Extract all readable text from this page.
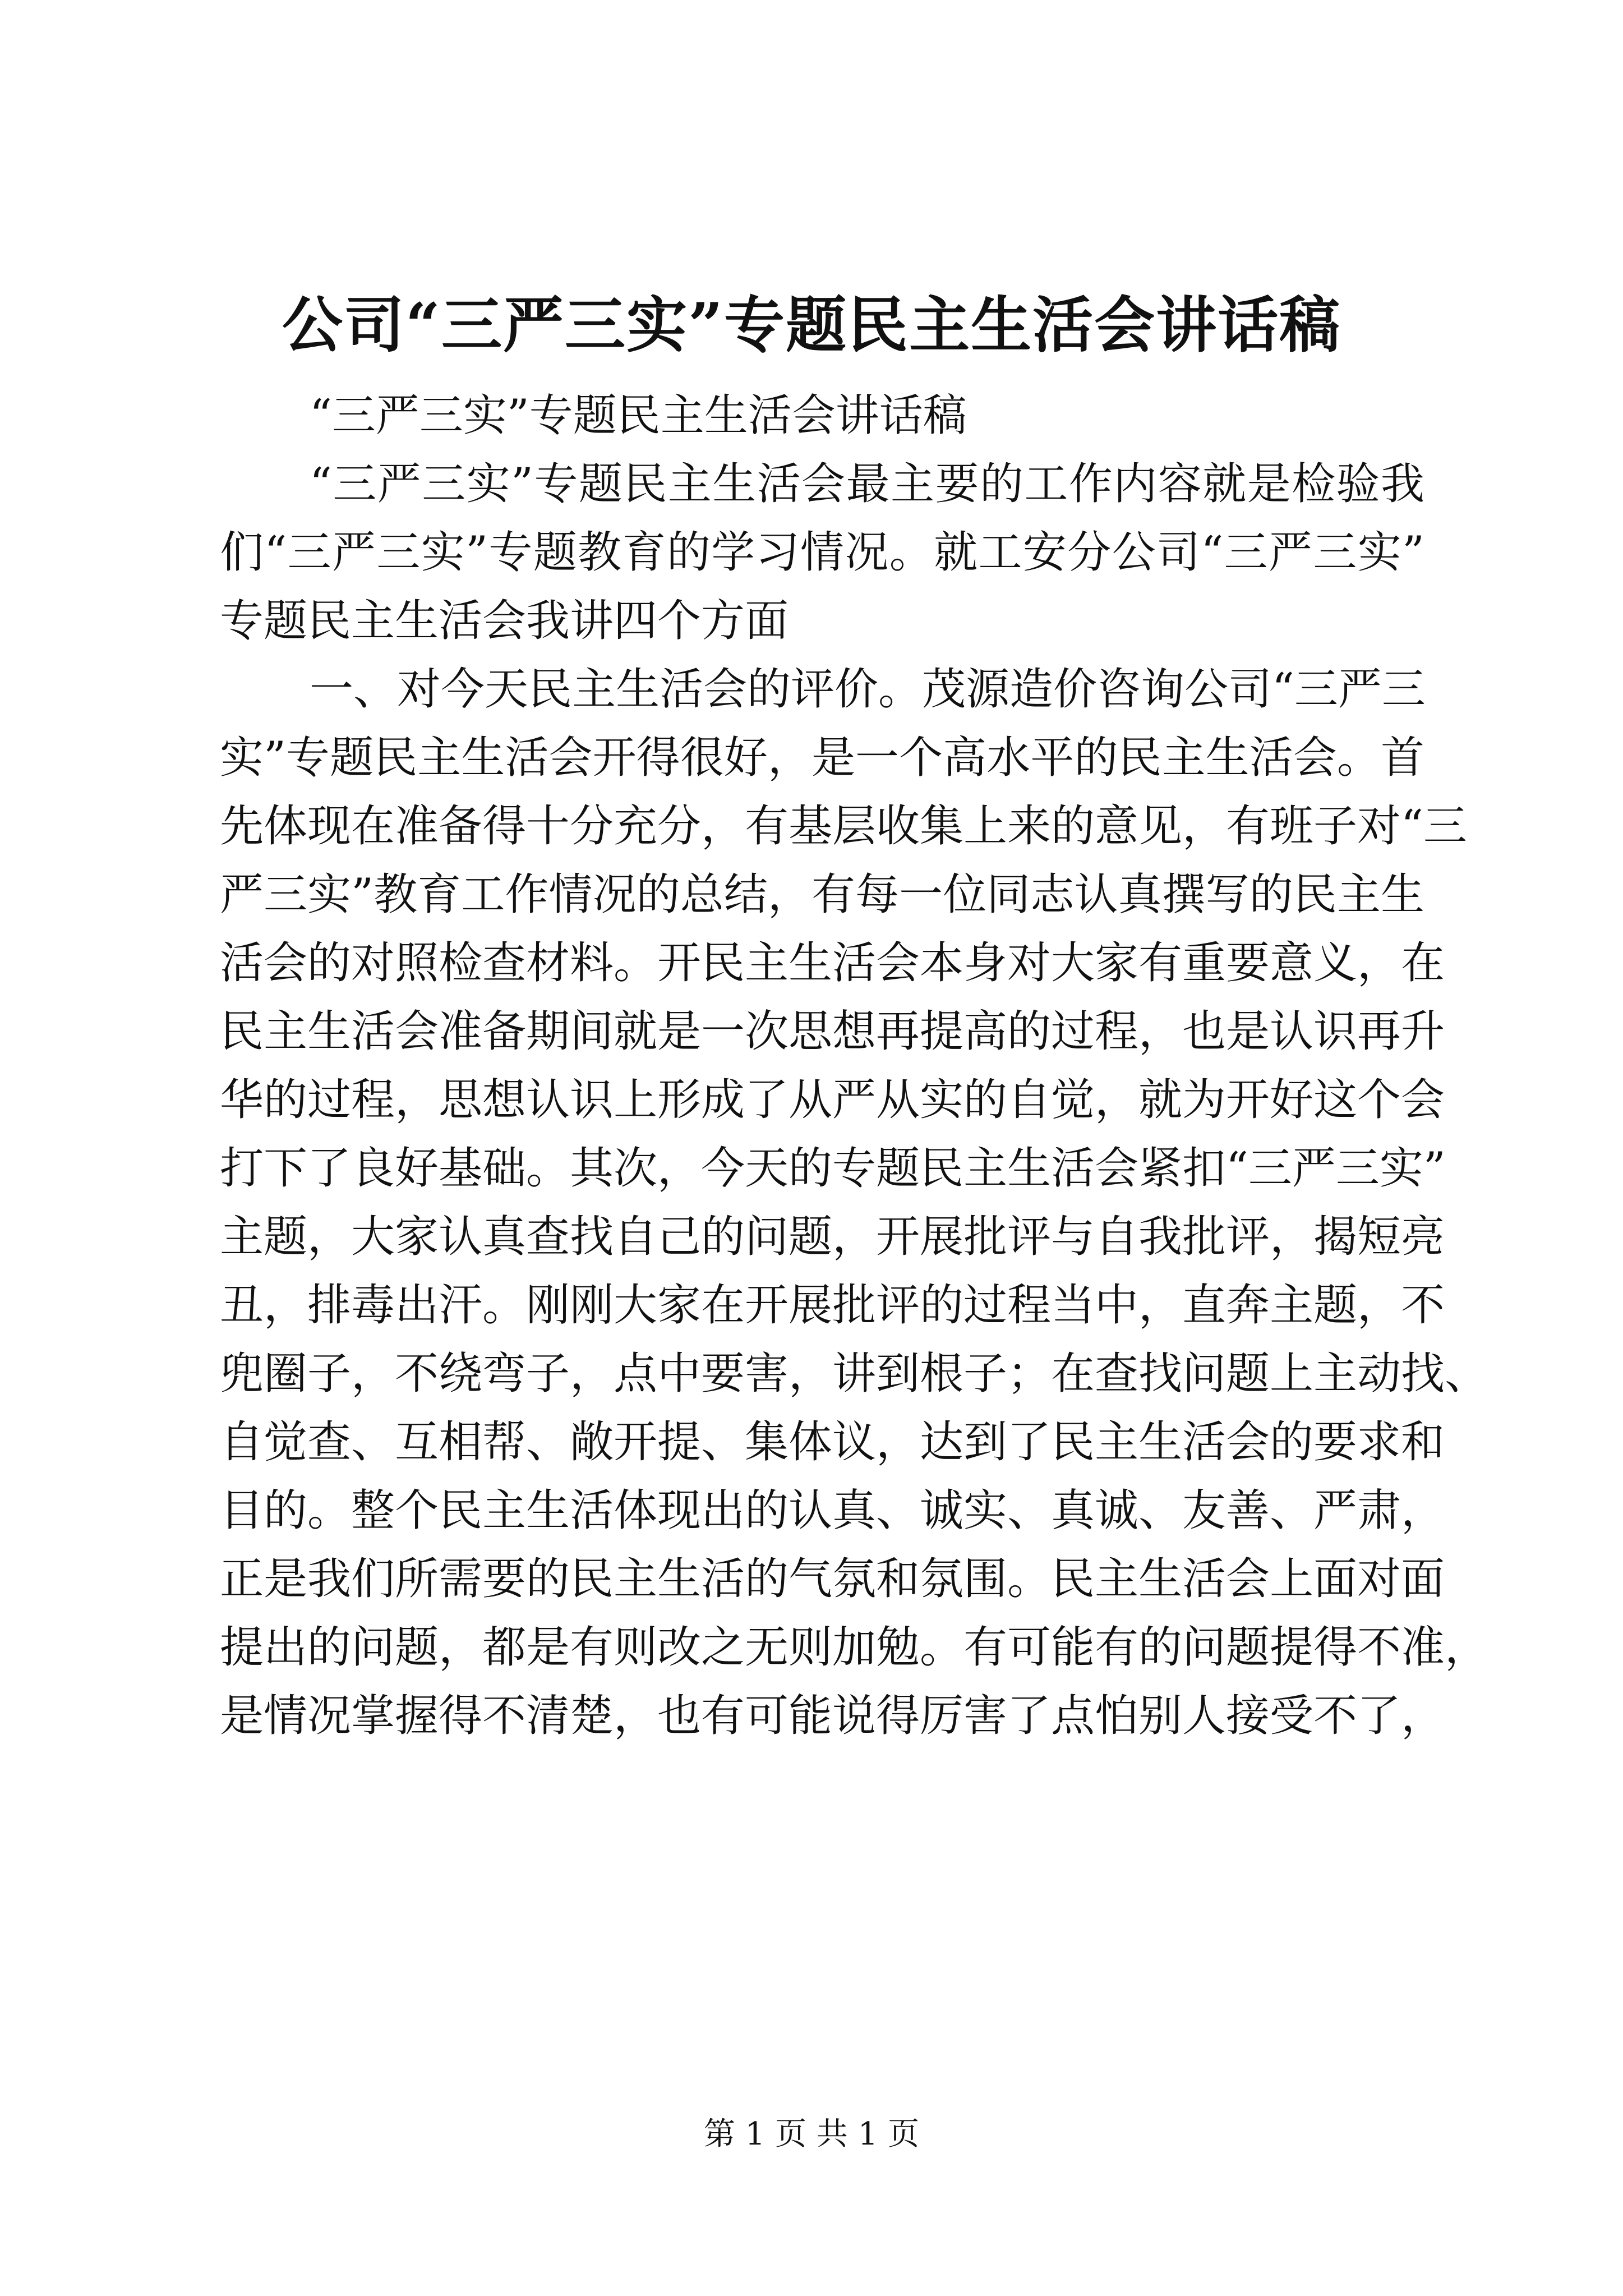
公司“三严三实”专题民主生活会讲话稿
“三严三实”专题民主生活会讲话稿
“三严三实”专题民主生活会最主要的工作内容就是检验我
们“三严三实”专题教育的学习情况。就工安分公司“三严三实”
专题民主生活会我讲四个方面
一、对今天民主生活会的评价。茂源造价咨询公司“三严三
实”专题民主生活会开得很好，是一个高水平的民主生活会。首
先体现在准备得十分充分，有基层收集上来的意见，有班子对“三
严三实”教育工作情况的总结，有每一位同志认真撰写的民主生
活会的对照检查材料。开民主生活会本身对大家有重要意义，在
民主生活会准备期间就是一次思想再提高的过程，也是认识再升
华的过程，思想认识上形成了从严从实的自觉，就为开好这个会
打下了良好基础。其次，今天的专题民主生活会紧扣“三严三实”
主题，大家认真查找自己的问题，开展批评与自我批评，揭短亮
丑，排毒出汗。刚刚大家在开展批评的过程当中，直奔主题，不
兜圈子，不绕弯子，点中要害，讲到根子；在查找问题上主动找、
自觉查、互相帮、敞开提、集体议，达到了民主生活会的要求和
目的。整个民主生活体现出的认真、诚实、真诚、友善、严肃，
正是我们所需要的民主生活的气氛和氛围。民主生活会上面对面
提出的问题，都是有则改之无则加勉。有可能有的问题提得不准，
是情况掌握得不清楚，也有可能说得厉害了点怕别人接受不了，
第 1 页 共 1 页
